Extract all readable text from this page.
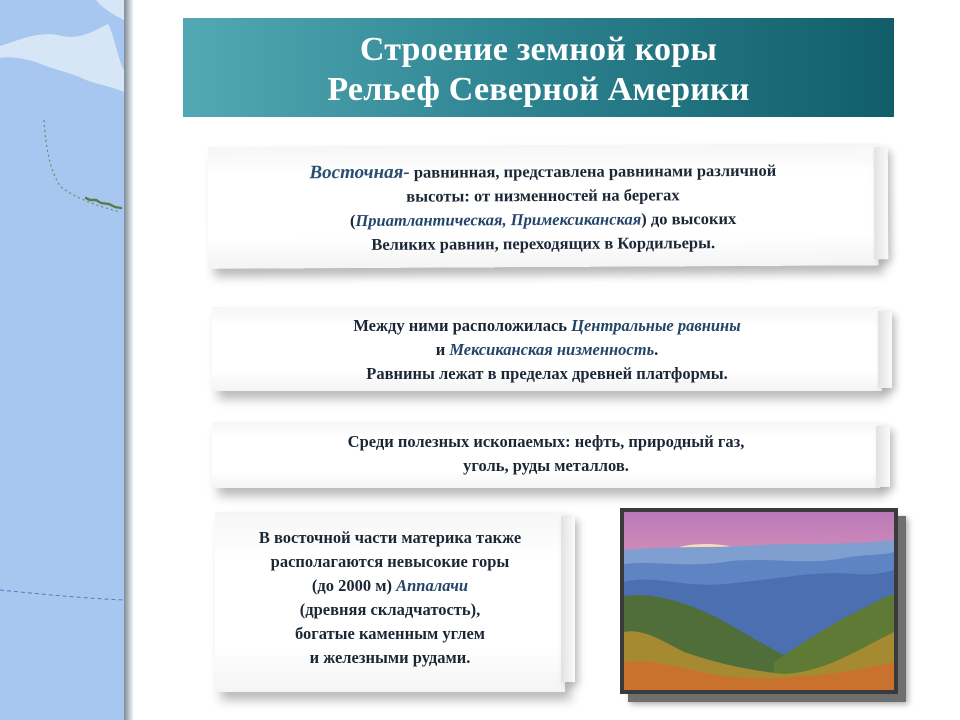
Строение земной коры
Рельеф Северной Америки
Восточная- равнинная, представлена равнинами различной
высоты: от низменностей на берегах
(Приатлантическая, Примексиканская) до высоких
Великих равнин, переходящих в Кордильеры.
Между ними расположилась Центральные равнины
и Мексиканская низменность.
Равнины лежат в пределах древней платформы.
Среди полезных ископаемых: нефть, природный газ,
уголь, руды металлов.
В восточной части материка также
располагаются невысокие горы
(до 2000 м) Аппалачи
(древняя складчатость),
богатые каменным углем
и железными рудами.
